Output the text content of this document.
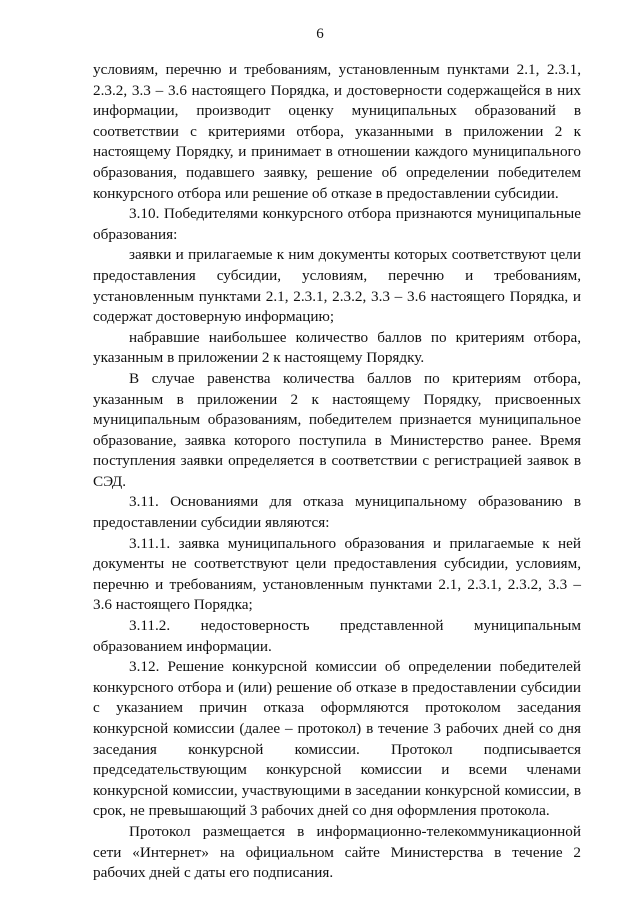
6

условиям, перечню и требованиям, установленным пунктами 2.1, 2.3.1, 2.3.2, 3.3 – 3.6 настоящего Порядка, и достоверности содержащейся в них информации, производит оценку муниципальных образований в соответствии с критериями отбора, указанными в приложении 2 к настоящему Порядку, и принимает в отношении каждого муниципального образования, подавшего заявку, решение об определении победителем конкурсного отбора или решение об отказе в предоставлении субсидии.

3.10. Победителями конкурсного отбора признаются муниципальные образования:

заявки и прилагаемые к ним документы которых соответствуют цели предоставления субсидии, условиям, перечню и требованиям, установленным пунктами 2.1, 2.3.1, 2.3.2, 3.3 – 3.6 настоящего Порядка, и содержат достоверную информацию;

набравшие наибольшее количество баллов по критериям отбора, указанным в приложении 2 к настоящему Порядку.

В случае равенства количества баллов по критериям отбора, указанным в приложении 2 к настоящему Порядку, присвоенных муниципальным образованиям, победителем признается муниципальное образование, заявка которого поступила в Министерство ранее. Время поступления заявки определяется в соответствии с регистрацией заявок в СЭД.

3.11. Основаниями для отказа муниципальному образованию в предоставлении субсидии являются:

3.11.1. заявка муниципального образования и прилагаемые к ней документы не соответствуют цели предоставления субсидии, условиям, перечню и требованиям, установленным пунктами 2.1, 2.3.1, 2.3.2, 3.3 – 3.6 настоящего Порядка;

3.11.2. недостоверность представленной муниципальным образованием информации.

3.12. Решение конкурсной комиссии об определении победителей конкурсного отбора и (или) решение об отказе в предоставлении субсидии с указанием причин отказа оформляются протоколом заседания конкурсной комиссии (далее – протокол) в течение 3 рабочих дней со дня заседания конкурсной комиссии. Протокол подписывается председательствующим конкурсной комиссии и всеми членами конкурсной комиссии, участвующими в заседании конкурсной комиссии, в срок, не превышающий 3 рабочих дней со дня оформления протокола.

Протокол размещается в информационно-телекоммуникационной сети «Интернет» на официальном сайте Министерства в течение 2 рабочих дней с даты его подписания.
